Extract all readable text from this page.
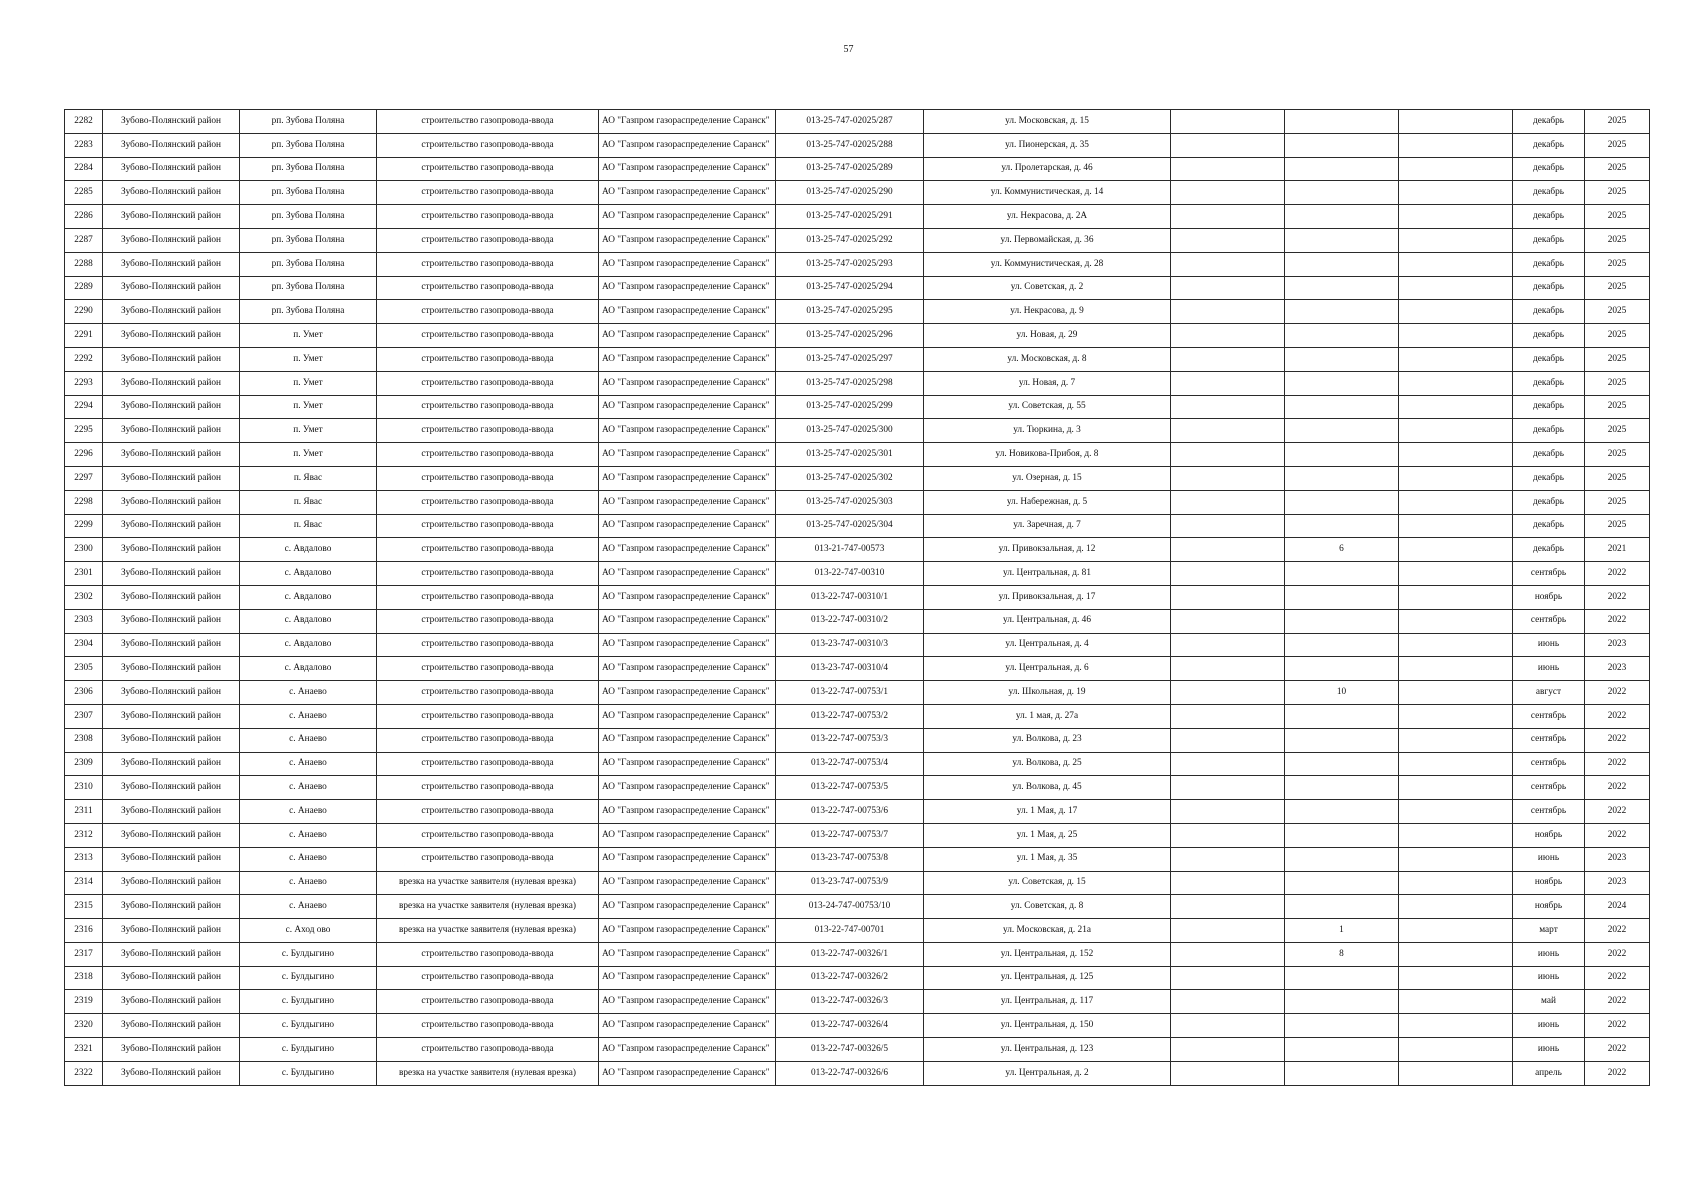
57
2282	Зубово-Полянский район	рп. Зубова Поляна	строительство газопровода-ввода	АО "Газпром газораспределение Саранск"	013-25-747-02025/287	ул. Московская, д. 15				декабрь	2025
2283	Зубово-Полянский район	рп. Зубова Поляна	строительство газопровода-ввода	АО "Газпром газораспределение Саранск"	013-25-747-02025/288	ул. Пионерская, д. 35				декабрь	2025
2284	Зубово-Полянский район	рп. Зубова Поляна	строительство газопровода-ввода	АО "Газпром газораспределение Саранск"	013-25-747-02025/289	ул. Пролетарская, д. 46				декабрь	2025
2285	Зубово-Полянский район	рп. Зубова Поляна	строительство газопровода-ввода	АО "Газпром газораспределение Саранск"	013-25-747-02025/290	ул. Коммунистическая, д. 14				декабрь	2025
2286	Зубово-Полянский район	рп. Зубова Поляна	строительство газопровода-ввода	АО "Газпром газораспределение Саранск"	013-25-747-02025/291	ул. Некрасова, д. 2А				декабрь	2025
2287	Зубово-Полянский район	рп. Зубова Поляна	строительство газопровода-ввода	АО "Газпром газораспределение Саранск"	013-25-747-02025/292	ул. Первомайская, д. 36				декабрь	2025
2288	Зубово-Полянский район	рп. Зубова Поляна	строительство газопровода-ввода	АО "Газпром газораспределение Саранск"	013-25-747-02025/293	ул. Коммунистическая, д. 28				декабрь	2025
2289	Зубово-Полянский район	рп. Зубова Поляна	строительство газопровода-ввода	АО "Газпром газораспределение Саранск"	013-25-747-02025/294	ул. Советская, д. 2				декабрь	2025
2290	Зубово-Полянский район	рп. Зубова Поляна	строительство газопровода-ввода	АО "Газпром газораспределение Саранск"	013-25-747-02025/295	ул. Некрасова, д. 9				декабрь	2025
2291	Зубово-Полянский район	п. Умет	строительство газопровода-ввода	АО "Газпром газораспределение Саранск"	013-25-747-02025/296	ул. Новая, д. 29				декабрь	2025
2292	Зубово-Полянский район	п. Умет	строительство газопровода-ввода	АО "Газпром газораспределение Саранск"	013-25-747-02025/297	ул. Московская, д. 8				декабрь	2025
2293	Зубово-Полянский район	п. Умет	строительство газопровода-ввода	АО "Газпром газораспределение Саранск"	013-25-747-02025/298	ул. Новая, д. 7				декабрь	2025
2294	Зубово-Полянский район	п. Умет	строительство газопровода-ввода	АО "Газпром газораспределение Саранск"	013-25-747-02025/299	ул. Советская, д. 55				декабрь	2025
2295	Зубово-Полянский район	п. Умет	строительство газопровода-ввода	АО "Газпром газораспределение Саранск"	013-25-747-02025/300	ул. Тюркина, д. 3				декабрь	2025
2296	Зубово-Полянский район	п. Умет	строительство газопровода-ввода	АО "Газпром газораспределение Саранск"	013-25-747-02025/301	ул. Новикова-Прибоя, д. 8				декабрь	2025
2297	Зубово-Полянский район	п. Явас	строительство газопровода-ввода	АО "Газпром газораспределение Саранск"	013-25-747-02025/302	ул. Озерная, д. 15				декабрь	2025
2298	Зубово-Полянский район	п. Явас	строительство газопровода-ввода	АО "Газпром газораспределение Саранск"	013-25-747-02025/303	ул. Набережная, д. 5				декабрь	2025
2299	Зубово-Полянский район	п. Явас	строительство газопровода-ввода	АО "Газпром газораспределение Саранск"	013-25-747-02025/304	ул. Заречная, д. 7				декабрь	2025
2300	Зубово-Полянский район	с. Авдалово	строительство газопровода-ввода	АО "Газпром газораспределение Саранск"	013-21-747-00573	ул. Привокзальная, д. 12		6		декабрь	2021
2301	Зубово-Полянский район	с. Авдалово	строительство газопровода-ввода	АО "Газпром газораспределение Саранск"	013-22-747-00310	ул. Центральная, д. 81				сентябрь	2022
2302	Зубово-Полянский район	с. Авдалово	строительство газопровода-ввода	АО "Газпром газораспределение Саранск"	013-22-747-00310/1	ул. Привокзальная, д. 17				ноябрь	2022
2303	Зубово-Полянский район	с. Авдалово	строительство газопровода-ввода	АО "Газпром газораспределение Саранск"	013-22-747-00310/2	ул. Центральная, д. 46				сентябрь	2022
2304	Зубово-Полянский район	с. Авдалово	строительство газопровода-ввода	АО "Газпром газораспределение Саранск"	013-23-747-00310/3	ул. Центральная, д. 4				июнь	2023
2305	Зубово-Полянский район	с. Авдалово	строительство газопровода-ввода	АО "Газпром газораспределение Саранск"	013-23-747-00310/4	ул. Центральная, д. 6				июнь	2023
2306	Зубово-Полянский район	с. Анаево	строительство газопровода-ввода	АО "Газпром газораспределение Саранск"	013-22-747-00753/1	ул. Школьная, д. 19		10		август	2022
2307	Зубово-Полянский район	с. Анаево	строительство газопровода-ввода	АО "Газпром газораспределение Саранск"	013-22-747-00753/2	ул. 1 мая, д. 27а				сентябрь	2022
2308	Зубово-Полянский район	с. Анаево	строительство газопровода-ввода	АО "Газпром газораспределение Саранск"	013-22-747-00753/3	ул. Волкова, д. 23				сентябрь	2022
2309	Зубово-Полянский район	с. Анаево	строительство газопровода-ввода	АО "Газпром газораспределение Саранск"	013-22-747-00753/4	ул. Волкова, д. 25				сентябрь	2022
2310	Зубово-Полянский район	с. Анаево	строительство газопровода-ввода	АО "Газпром газораспределение Саранск"	013-22-747-00753/5	ул. Волкова, д. 45				сентябрь	2022
2311	Зубово-Полянский район	с. Анаево	строительство газопровода-ввода	АО "Газпром газораспределение Саранск"	013-22-747-00753/6	ул. 1 Мая, д. 17				сентябрь	2022
2312	Зубово-Полянский район	с. Анаево	строительство газопровода-ввода	АО "Газпром газораспределение Саранск"	013-22-747-00753/7	ул. 1 Мая, д. 25				ноябрь	2022
2313	Зубово-Полянский район	с. Анаево	строительство газопровода-ввода	АО "Газпром газораспределение Саранск"	013-23-747-00753/8	ул. 1 Мая, д. 35				июнь	2023
2314	Зубово-Полянский район	с. Анаево	врезка на участке заявителя (нулевая врезка)	АО "Газпром газораспределение Саранск"	013-23-747-00753/9	ул. Советская, д. 15				ноябрь	2023
2315	Зубово-Полянский район	с. Анаево	врезка на участке заявителя (нулевая врезка)	АО "Газпром газораспределение Саранск"	013-24-747-00753/10	ул. Советская, д. 8				ноябрь	2024
2316	Зубово-Полянский район	с. Аход ово	врезка на участке заявителя (нулевая врезка)	АО "Газпром газораспределение Саранск"	013-22-747-00701	ул. Московская, д. 21а		1		март	2022
2317	Зубово-Полянский район	с. Булдыгино	строительство газопровода-ввода	АО "Газпром газораспределение Саранск"	013-22-747-00326/1	ул. Центральная, д. 152		8		июнь	2022
2318	Зубово-Полянский район	с. Булдыгино	строительство газопровода-ввода	АО "Газпром газораспределение Саранск"	013-22-747-00326/2	ул. Центральная, д. 125				июнь	2022
2319	Зубово-Полянский район	с. Булдыгино	строительство газопровода-ввода	АО "Газпром газораспределение Саранск"	013-22-747-00326/3	ул. Центральная, д. 117				май	2022
2320	Зубово-Полянский район	с. Булдыгино	строительство газопровода-ввода	АО "Газпром газораспределение Саранск"	013-22-747-00326/4	ул. Центральная, д. 150				июнь	2022
2321	Зубово-Полянский район	с. Булдыгино	строительство газопровода-ввода	АО "Газпром газораспределение Саранск"	013-22-747-00326/5	ул. Центральная, д. 123				июнь	2022
2322	Зубово-Полянский район	с. Булдыгино	врезка на участке заявителя (нулевая врезка)	АО "Газпром газораспределение Саранск"	013-22-747-00326/6	ул. Центральная, д. 2				апрель	2022
